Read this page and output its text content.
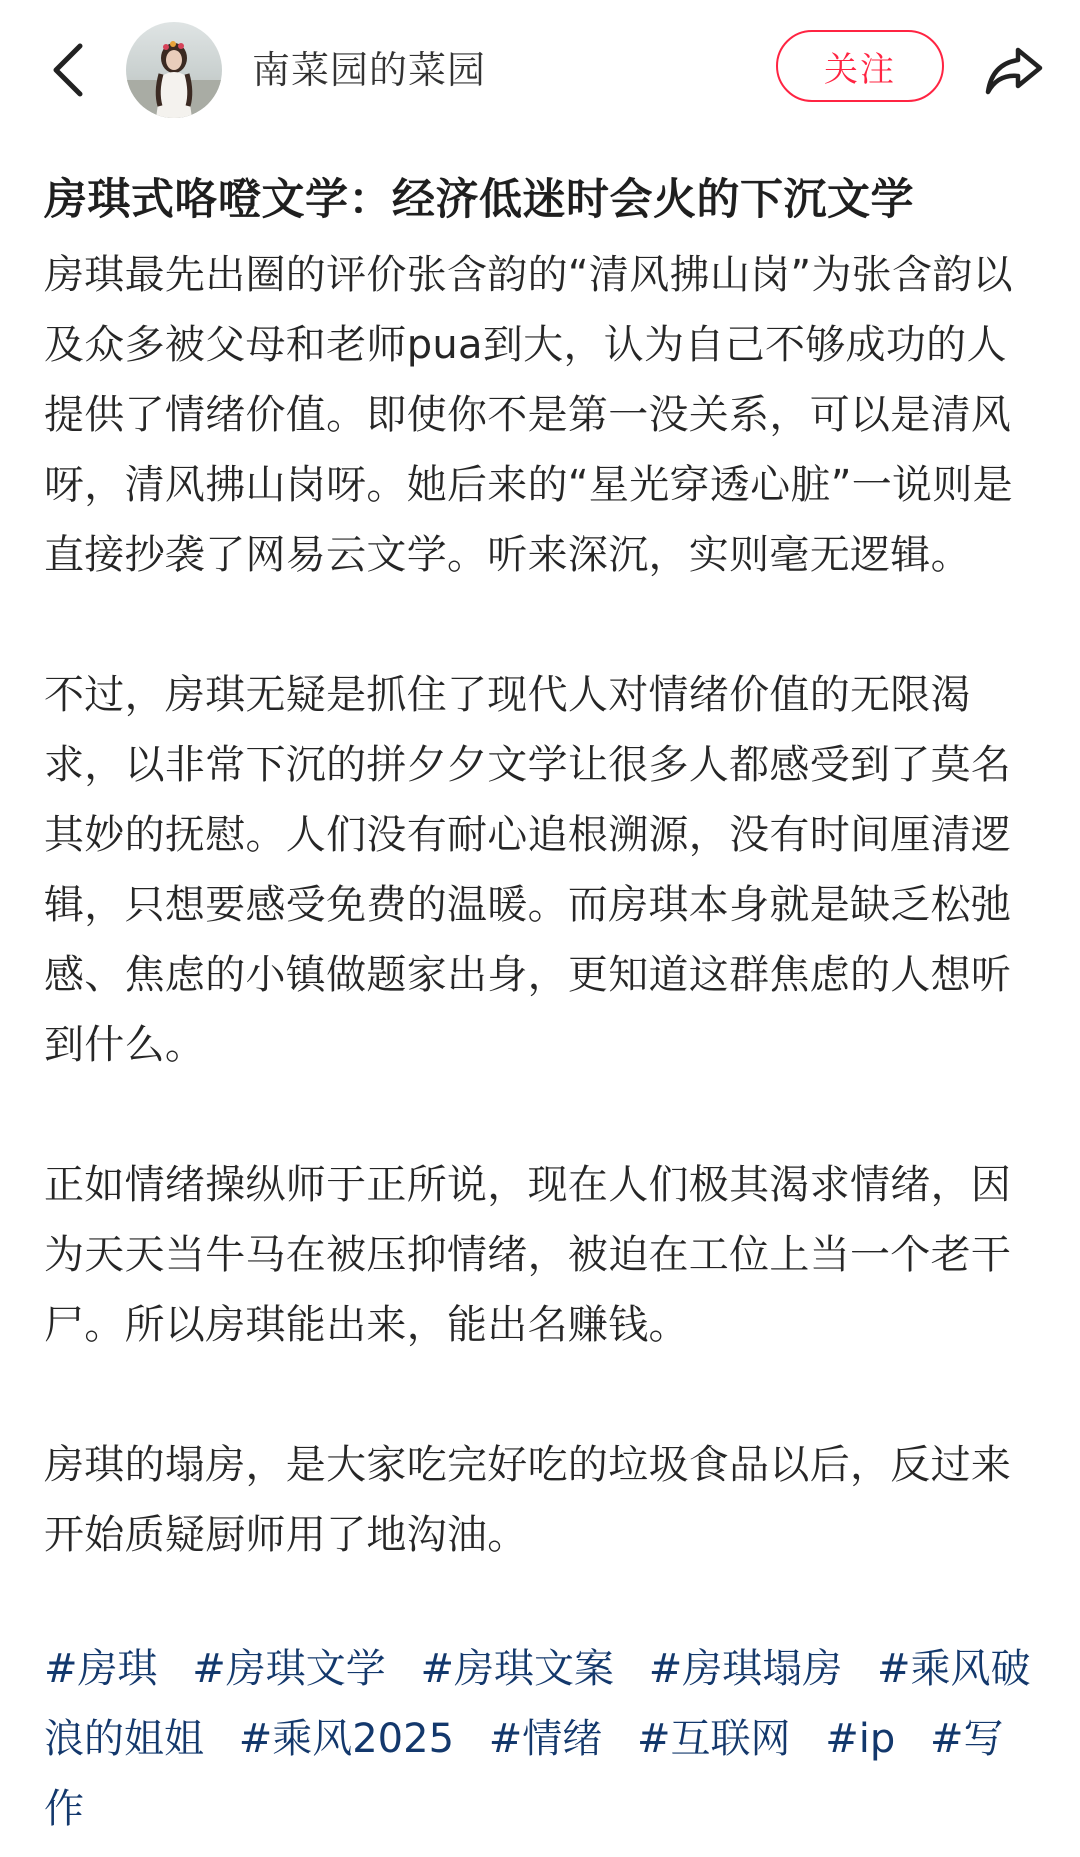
南菜园的菜园	关注
房琪式咯噔文学：经济低迷时会火的下沉文学
房琪最先出圈的评价张含韵的“清风拂山岗”为张含韵以及众多被父母和老师pua到大，认为自己不够成功的人提供了情绪价值。即使你不是第一没关系，可以是清风呀，清风拂山岗呀。她后来的“星光穿透心脏”一说则是直接抄袭了网易云文学。听来深沉，实则毫无逻辑。
不过，房琪无疑是抓住了现代人对情绪价值的无限渴求，以非常下沉的拼夕夕文学让很多人都感受到了莫名其妙的抚慰。人们没有耐心追根溯源，没有时间厘清逻辑，只想要感受免费的温暖。而房琪本身就是缺乏松弛感、焦虑的小镇做题家出身，更知道这群焦虑的人想听到什么。
正如情绪操纵师于正所说，现在人们极其渴求情绪，因为天天当牛马在被压抑情绪，被迫在工位上当一个老干尸。所以房琪能出来，能出名赚钱。
房琪的塌房，是大家吃完好吃的垃圾食品以后，反过来开始质疑厨师用了地沟油。
#房琪 #房琪文学 #房琪文案 #房琪塌房 #乘风破浪的姐姐 #乘风2025 #情绪 #互联网 #ip #写作
